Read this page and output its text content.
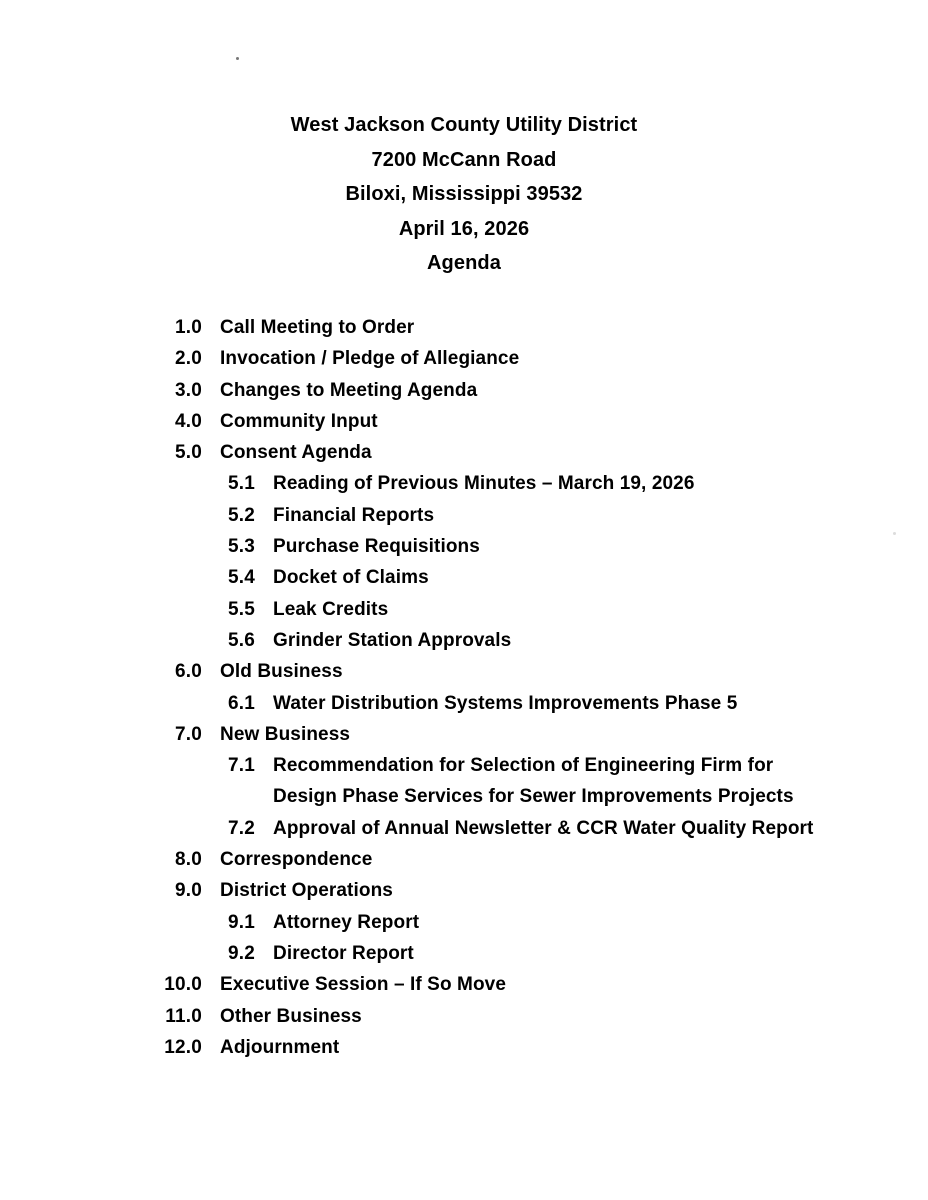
West Jackson County Utility District
7200 McCann Road
Biloxi, Mississippi 39532
April 16, 2026
Agenda
1.0 Call Meeting to Order
2.0 Invocation / Pledge of Allegiance
3.0 Changes to Meeting Agenda
4.0 Community Input
5.0 Consent Agenda
5.1 Reading of Previous Minutes – March 19, 2026
5.2 Financial Reports
5.3 Purchase Requisitions
5.4 Docket of Claims
5.5 Leak Credits
5.6 Grinder Station Approvals
6.0 Old Business
6.1 Water Distribution Systems Improvements Phase 5
7.0 New Business
7.1 Recommendation for Selection of Engineering Firm for
Design Phase Services for Sewer Improvements Projects
7.2 Approval of Annual Newsletter & CCR Water Quality Report
8.0 Correspondence
9.0 District Operations
9.1 Attorney Report
9.2 Director Report
10.0 Executive Session – If So Move
11.0 Other Business
12.0 Adjournment
